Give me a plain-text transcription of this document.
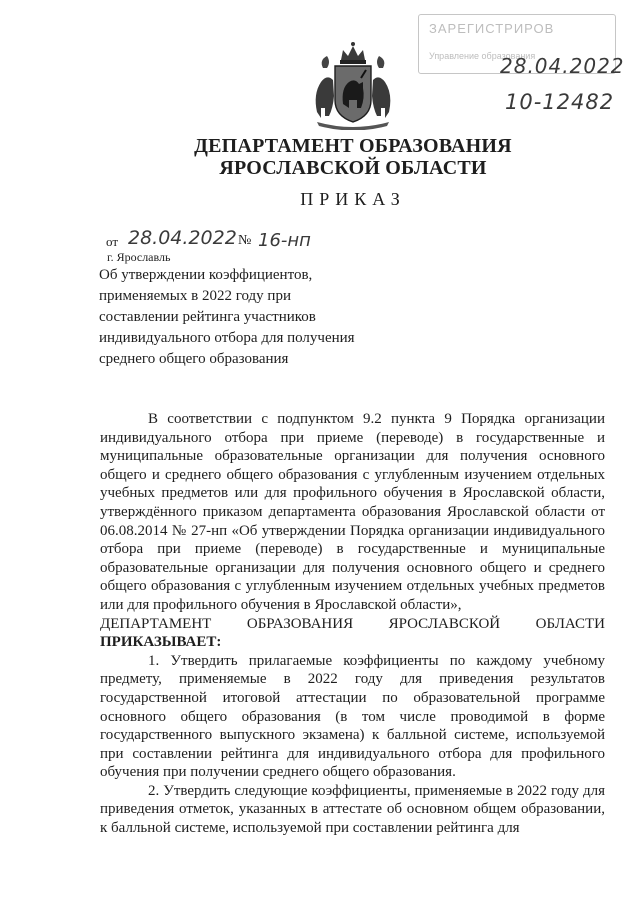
ЗАРЕГИСТРИРОВ
Управление образования
28.04.2022
10-12482
ДЕПАРТАМЕНТ ОБРАЗОВАНИЯ
ЯРОСЛАВСКОЙ ОБЛАСТИ
ПРИКАЗ
от 28.04.2022 № 16-нп
г. Ярославль
Об утверждении коэффициентов, применяемых в 2022 году при составлении рейтинга участников индивидуального отбора для получения среднего общего образования

В соответствии с подпунктом 9.2 пункта 9 Порядка организации индивидуального отбора при приеме (переводе) в государственные и муниципальные образовательные организации для получения основного общего и среднего общего образования с углубленным изучением отдельных учебных предметов или для профильного обучения в Ярославской области, утверждённого приказом департамента образования Ярославской области от 06.08.2014 № 27-нп «Об утверждении Порядка организации индивидуального отбора при приеме (переводе) в государственные и муниципальные образовательные организации для получения основного общего и среднего общего образования с углубленным изучением отдельных учебных предметов или для профильного обучения в Ярославской области»,

ДЕПАРТАМЕНТ ОБРАЗОВАНИЯ ЯРОСЛАВСКОЙ ОБЛАСТИ

ПРИКАЗЫВАЕТ:

1. Утвердить прилагаемые коэффициенты по каждому учебному предмету, применяемые в 2022 году для приведения результатов государственной итоговой аттестации по образовательной программе основного общего образования (в том числе проводимой в форме государственного выпускного экзамена) к балльной системе, используемой при составлении рейтинга для индивидуального отбора для профильного обучения при получении среднего общего образования.

2. Утвердить следующие коэффициенты, применяемые в 2022 году для приведения отметок, указанных в аттестате об основном общем образовании, к балльной системе, используемой при составлении рейтинга для
